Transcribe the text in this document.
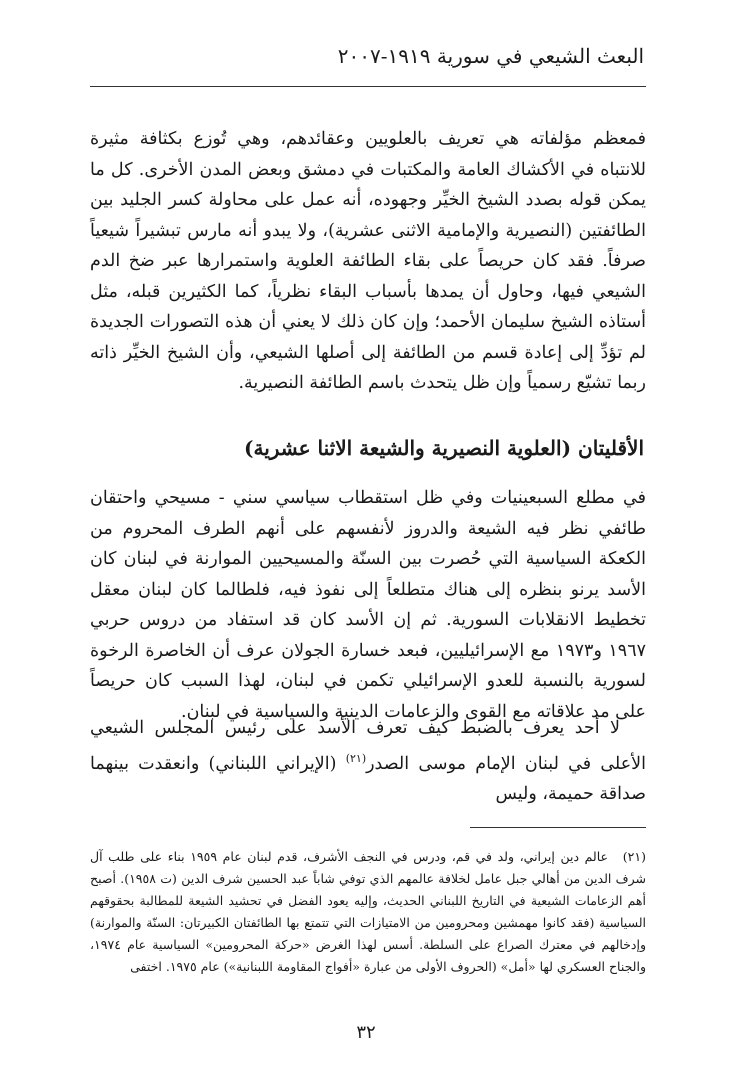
البعث الشيعي في سورية ١٩١٩-٢٠٠٧

فمعظم مؤلفاته هي تعريف بالعلويين وعقائدهم، وهي تُوزع بكثافة مثيرة للانتباه في الأكشاك العامة والمكتبات في دمشق وبعض المدن الأخرى. كل ما يمكن قوله بصدد الشيخ الخيِّر وجهوده، أنه عمل على محاولة كسر الجليد بين الطائفتين (النصيرية والإمامية الاثنى عشرية)، ولا يبدو أنه مارس تبشيراً شيعياً صرفاً. فقد كان حريصاً على بقاء الطائفة العلوية واستمرارها عبر ضخ الدم الشيعي فيها، وحاول أن يمدها بأسباب البقاء نظرياً، كما الكثيرين قبله، مثل أستاذه الشيخ سليمان الأحمد؛ وإن كان ذلك لا يعني أن هذه التصورات الجديدة لم تؤدِّ إلى إعادة قسم من الطائفة إلى أصلها الشيعي، وأن الشيخ الخيِّر ذاته ربما تشيّع رسمياً وإن ظل يتحدث باسم الطائفة النصيرية.

الأقليتان (العلوية النصيرية والشيعة الاثنا عشرية)

في مطلع السبعينيات وفي ظل استقطاب سياسي سني - مسيحي واحتقان طائفي نظر فيه الشيعة والدروز لأنفسهم على أنهم الطرف المحروم من الكعكة السياسية التي حُصرت بين السنّة والمسيحيين الموارنة في لبنان كان الأسد يرنو بنظره إلى هناك متطلعاً إلى نفوذ فيه، فلطالما كان لبنان معقل تخطيط الانقلابات السورية. ثم إن الأسد كان قد استفاد من دروس حربي ١٩٦٧ و١٩٧٣ مع الإسرائيليين، فبعد خسارة الجولان عرف أن الخاصرة الرخوة لسورية بالنسبة للعدو الإسرائيلي تكمن في لبنان، لهذا السبب كان حريصاً على مد علاقاته مع القوى والزعامات الدينية والسياسية في لبنان.

لا أحد يعرف بالضبط كيف تعرف الأسد على رئيس المجلس الشيعي الأعلى في لبنان الإمام موسى الصدر$^{(٢١)}$ (الإيراني اللبناني) وانعقدت بينهما صداقة حميمة، وليس

(٢١)عالم دين إيراني، ولد في قم، ودرس في النجف الأشرف، قدم لبنان عام ١٩٥٩ بناء على طلب آل شرف الدين من أهالي جبل عامل لخلافة عالمهم الذي توفي شاباً عبد الحسين شرف الدين (ت ١٩٥٨). أصبح أهم الزعامات الشيعية في التاريخ اللبناني الحديث، وإليه يعود الفضل في تحشيد الشيعة للمطالبة بحقوقهم السياسية (فقد كانوا مهمشين ومحرومين من الامتيازات التي تتمتع بها الطائفتان الكبيرتان: السنّة والموارنة) وإدخالهم في معترك الصراع على السلطة. أسس لهذا الغرض «حركة المحرومين» السياسية عام ١٩٧٤، والجناح العسكري لها «أمل» (الحروف الأولى من عبارة «أفواج المقاومة اللبنانية») عام ١٩٧٥. اختفى

٣٢
